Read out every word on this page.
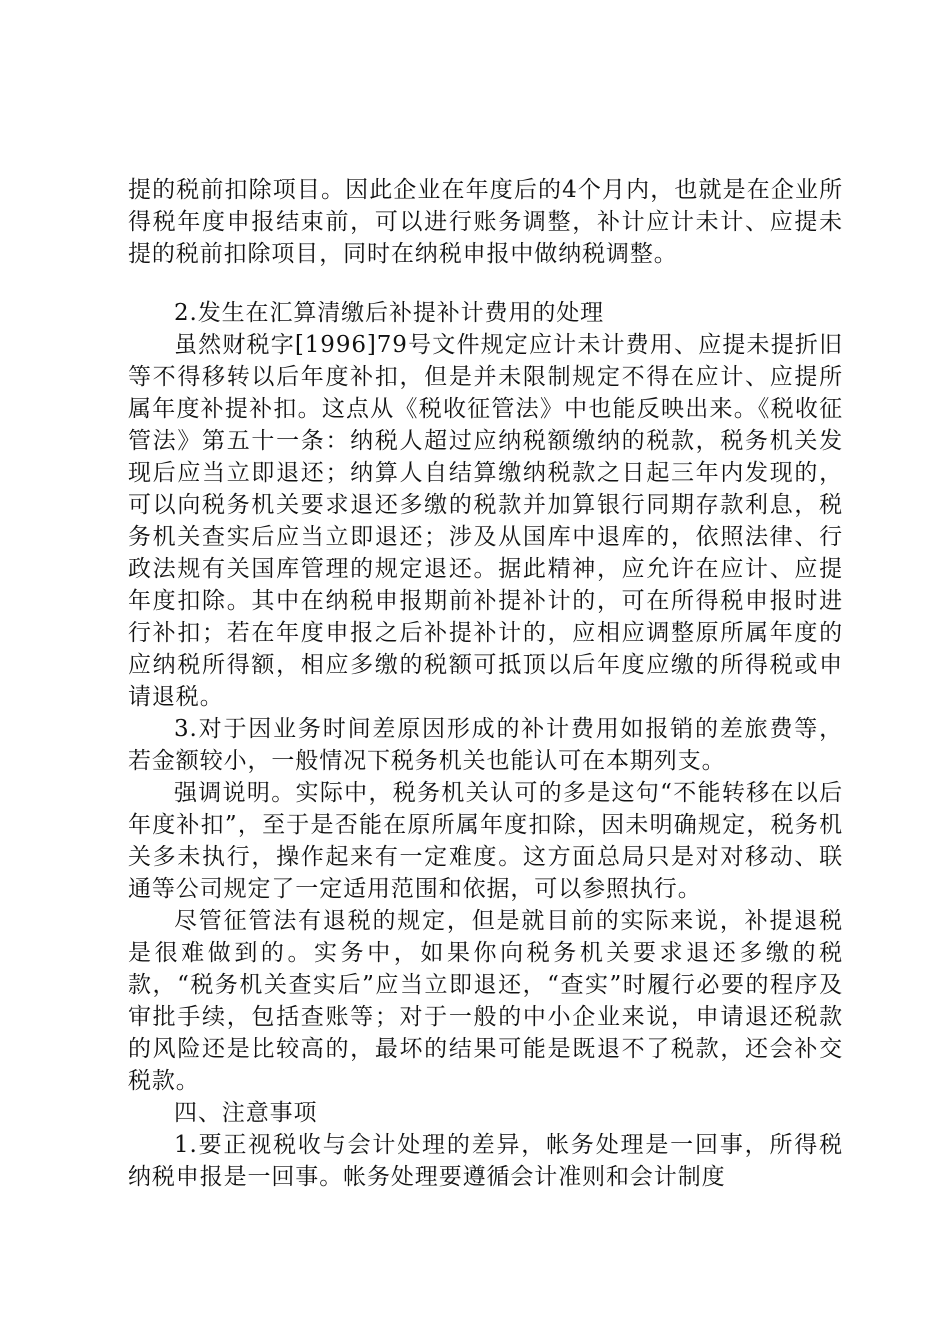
提的税前扣除项目。因此企业在年度后的4个月内，也就是在企业所得税年度申报结束前，可以进行账务调整，补计应计未计、应提未提的税前扣除项目，同时在纳税申报中做纳税调整。

2.发生在汇算清缴后补提补计费用的处理

虽然财税字[1996]79号文件规定应计未计费用、应提未提折旧等不得移转以后年度补扣，但是并未限制规定不得在应计、应提所属年度补提补扣。这点从《税收征管法》中也能反映出来。《税收征管法》第五十一条：纳税人超过应纳税额缴纳的税款，税务机关发现后应当立即退还；纳算人自结算缴纳税款之日起三年内发现的，可以向税务机关要求退还多缴的税款并加算银行同期存款利息，税务机关查实后应当立即退还；涉及从国库中退库的，依照法律、行政法规有关国库管理的规定退还。据此精神，应允许在应计、应提年度扣除。其中在纳税申报期前补提补计的，可在所得税申报时进行补扣；若在年度申报之后补提补计的，应相应调整原所属年度的应纳税所得额，相应多缴的税额可抵顶以后年度应缴的所得税或申请退税。

3.对于因业务时间差原因形成的补计费用如报销的差旅费等，若金额较小，一般情况下税务机关也能认可在本期列支。

强调说明。实际中，税务机关认可的多是这句“不能转移在以后年度补扣”，至于是否能在原所属年度扣除，因未明确规定，税务机关多未执行，操作起来有一定难度。这方面总局只是对对移动、联通等公司规定了一定适用范围和依据，可以参照执行。

尽管征管法有退税的规定，但是就目前的实际来说，补提退税是很难做到的。实务中，如果你向税务机关要求退还多缴的税款，“税务机关查实后”应当立即退还，“查实”时履行必要的程序及审批手续，包括查账等；对于一般的中小企业来说，申请退还税款的风险还是比较高的，最坏的结果可能是既退不了税款，还会补交税款。

四、注意事项

1.要正视税收与会计处理的差异，帐务处理是一回事，所得税纳税申报是一回事。帐务处理要遵循会计准则和会计制度
